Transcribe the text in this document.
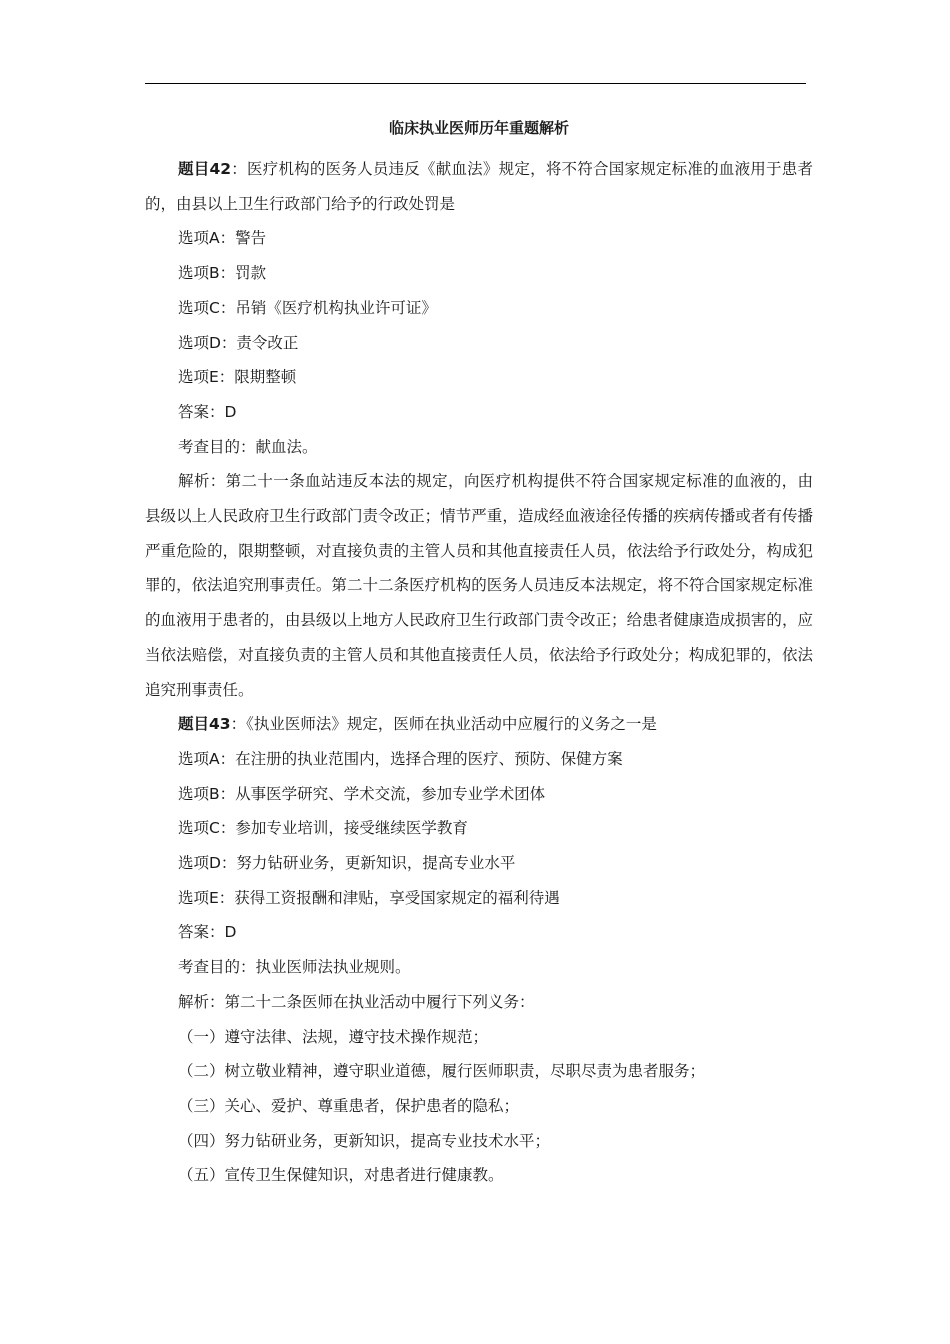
临床执业医师历年重题解析

题目42：医疗机构的医务人员违反《献血法》规定，将不符合国家规定标准的血液用于患者的，由县以上卫生行政部门给予的行政处罚是

选项A：警告

选项B：罚款

选项C：吊销《医疗机构执业许可证》

选项D：责令改正

选项E：限期整顿

答案：D

考查目的：献血法。

解析：第二十一条血站违反本法的规定，向医疗机构提供不符合国家规定标准的血液的，由县级以上人民政府卫生行政部门责令改正；情节严重，造成经血液途径传播的疾病传播或者有传播严重危险的，限期整顿，对直接负责的主管人员和其他直接责任人员，依法给予行政处分，构成犯罪的，依法追究刑事责任。第二十二条医疗机构的医务人员违反本法规定，将不符合国家规定标准的血液用于患者的，由县级以上地方人民政府卫生行政部门责令改正；给患者健康造成损害的，应当依法赔偿，对直接负责的主管人员和其他直接责任人员，依法给予行政处分；构成犯罪的，依法追究刑事责任。

题目43：《执业医师法》规定，医师在执业活动中应履行的义务之一是

选项A：在注册的执业范围内，选择合理的医疗、预防、保健方案

选项B：从事医学研究、学术交流，参加专业学术团体

选项C：参加专业培训，接受继续医学教育

选项D：努力钻研业务，更新知识，提高专业水平

选项E：获得工资报酬和津贴，享受国家规定的福利待遇

答案：D

考查目的：执业医师法执业规则。

解析：第二十二条医师在执业活动中履行下列义务：

（一）遵守法律、法规，遵守技术操作规范；

（二）树立敬业精神，遵守职业道德，履行医师职责，尽职尽责为患者服务；

（三）关心、爱护、尊重患者，保护患者的隐私；

（四）努力钻研业务，更新知识，提高专业技术水平；

（五）宣传卫生保健知识，对患者进行健康教。
